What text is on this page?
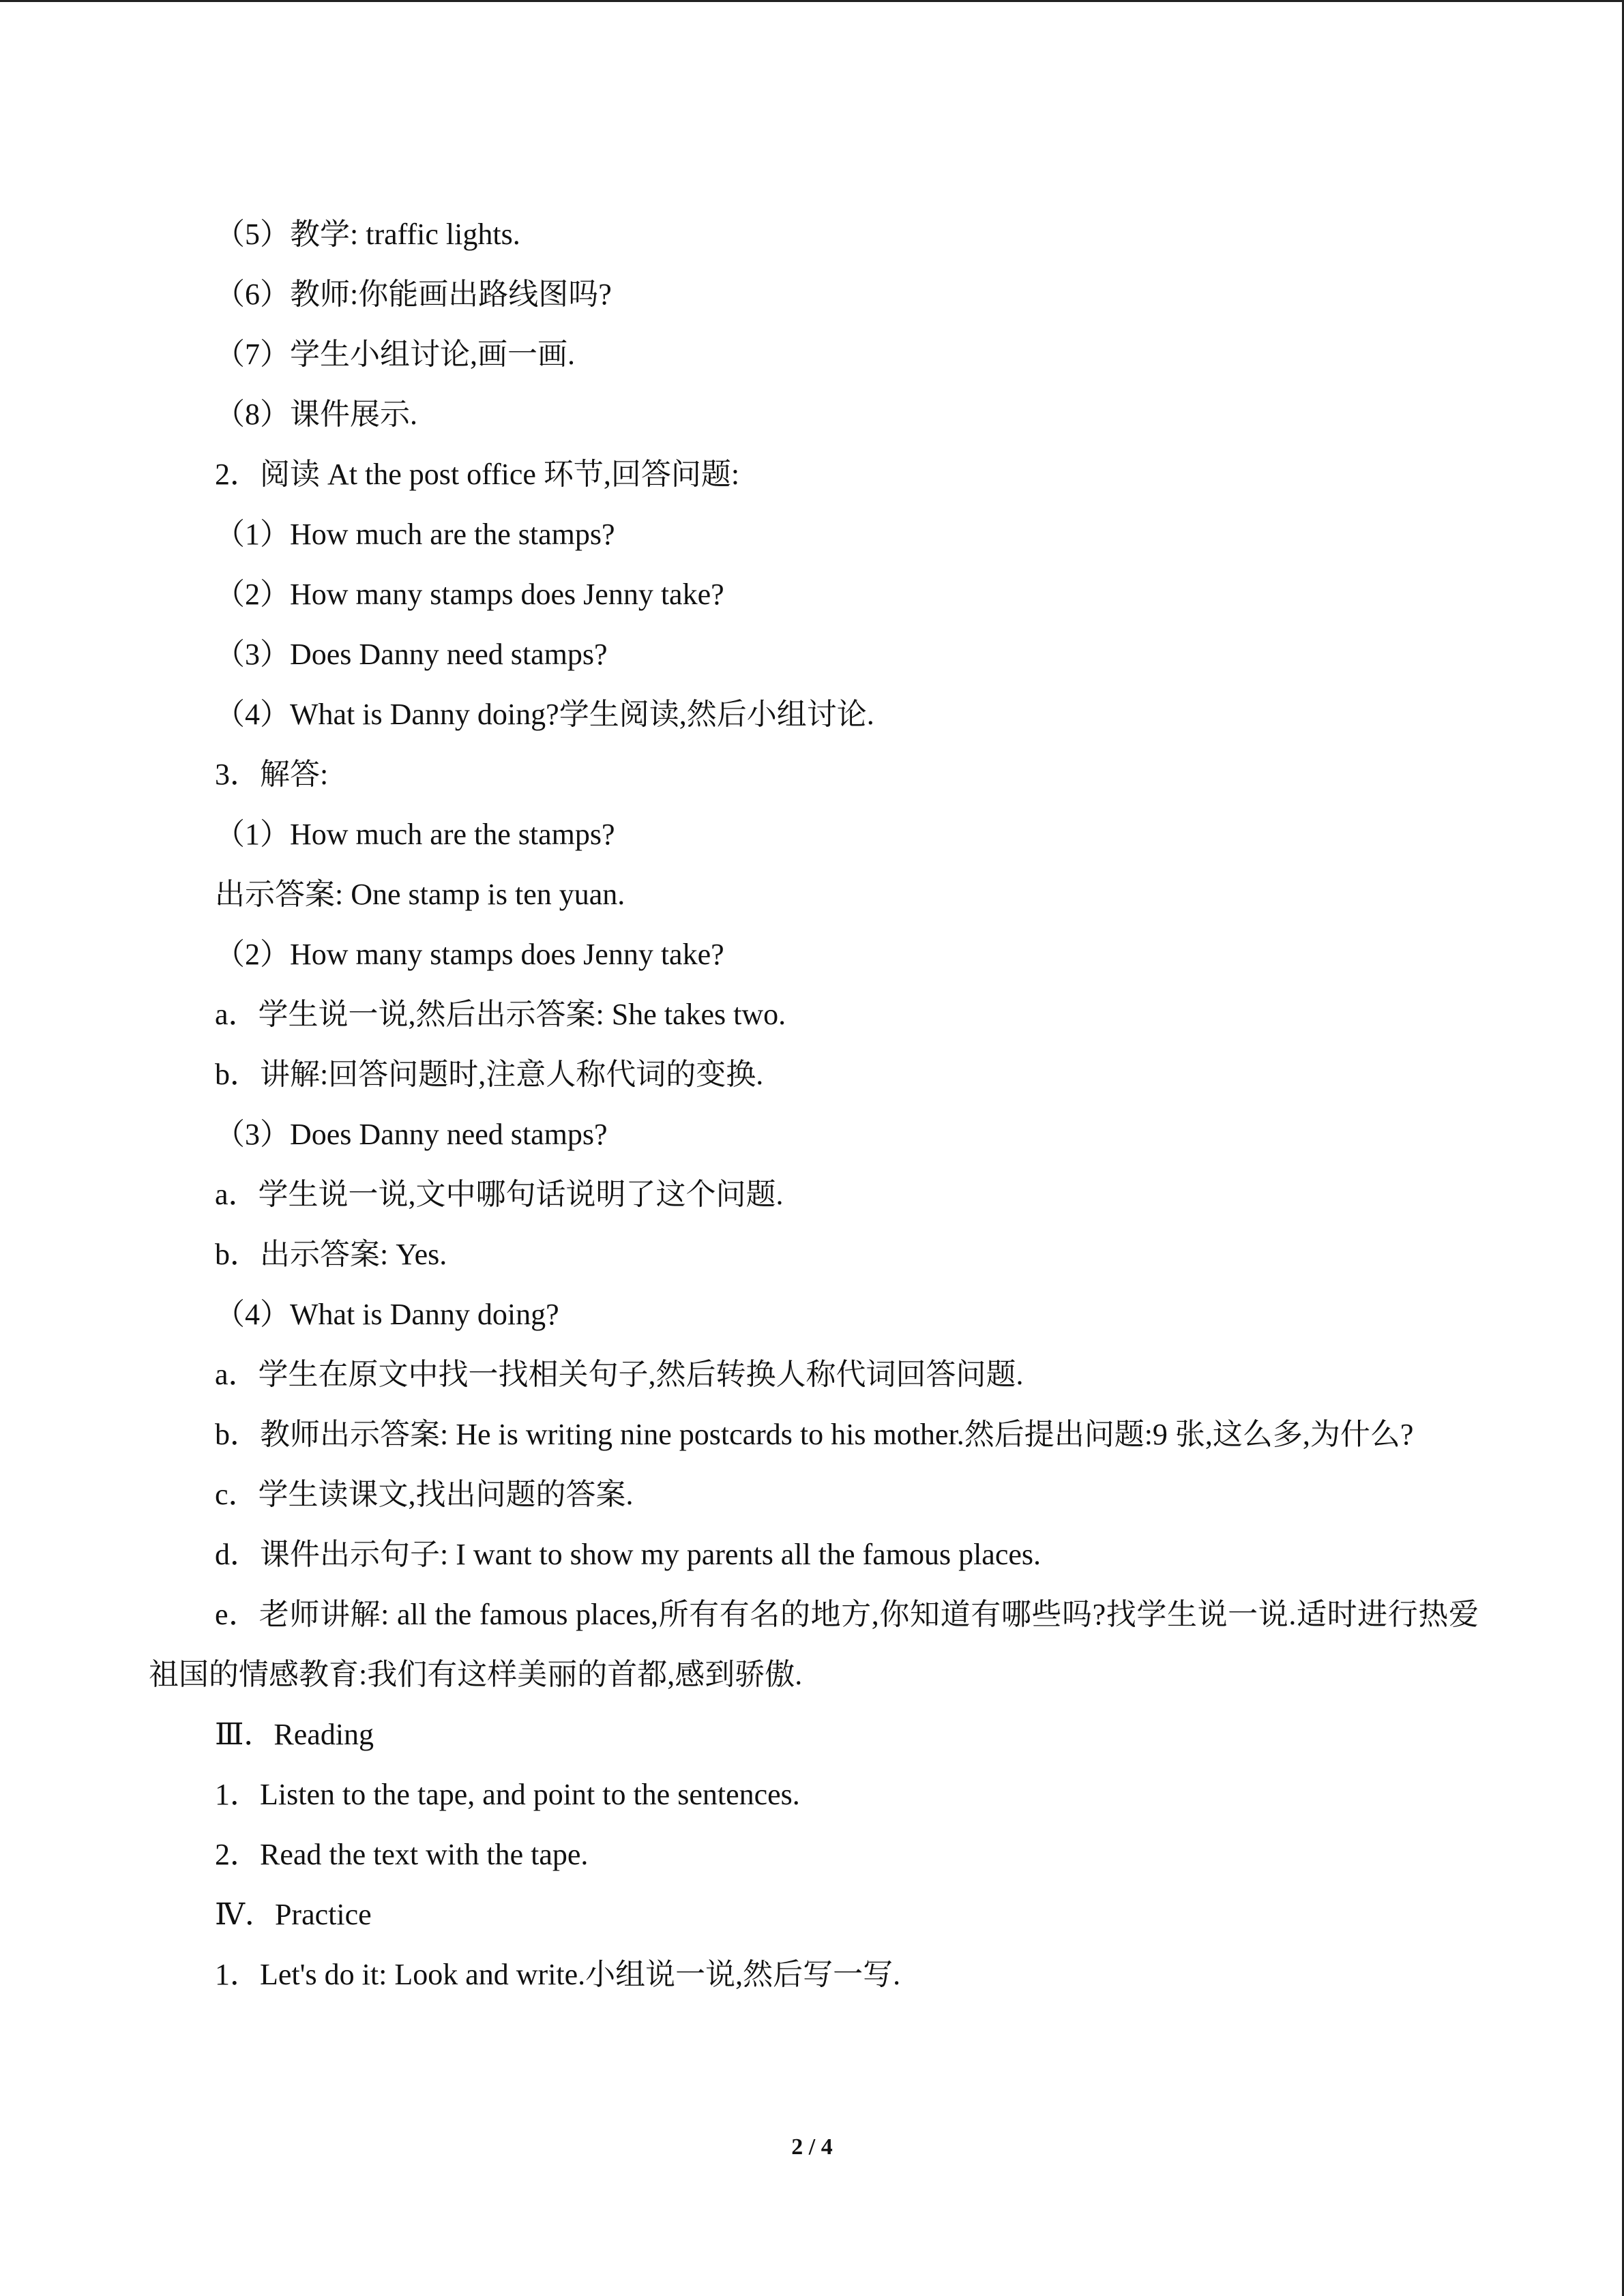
（5）教学: traffic lights.
（6）教师:你能画出路线图吗?
（7）学生小组讨论,画一画.
（8）课件展示.
2．阅读 At the post office 环节,回答问题:
（1）How much are the stamps?
（2）How many stamps does Jenny take?
（3）Does Danny need stamps?
（4）What is Danny doing?学生阅读,然后小组讨论.
3．解答:
（1）How much are the stamps?
出示答案: One stamp is ten yuan.
（2）How many stamps does Jenny take?
a．学生说一说,然后出示答案: She takes two.
b．讲解:回答问题时,注意人称代词的变换.
（3）Does Danny need stamps?
a．学生说一说,文中哪句话说明了这个问题.
b．出示答案: Yes.
（4）What is Danny doing?
a．学生在原文中找一找相关句子,然后转换人称代词回答问题.
b．教师出示答案: He is writing nine postcards to his mother.然后提出问题:9 张,这么多,为什么?
c．学生读课文,找出问题的答案.
d．课件出示句子: I want to show my parents all the famous places.
e．老师讲解: all the famous places,所有有名的地方,你知道有哪些吗?找学生说一说.适时进行热爱祖国的情感教育:我们有这样美丽的首都,感到骄傲.
Ⅲ．Reading
1．Listen to the tape, and point to the sentences.
2．Read the text with the tape.
Ⅳ．Practice
1．Let's do it: Look and write.小组说一说,然后写一写.
2 / 4
